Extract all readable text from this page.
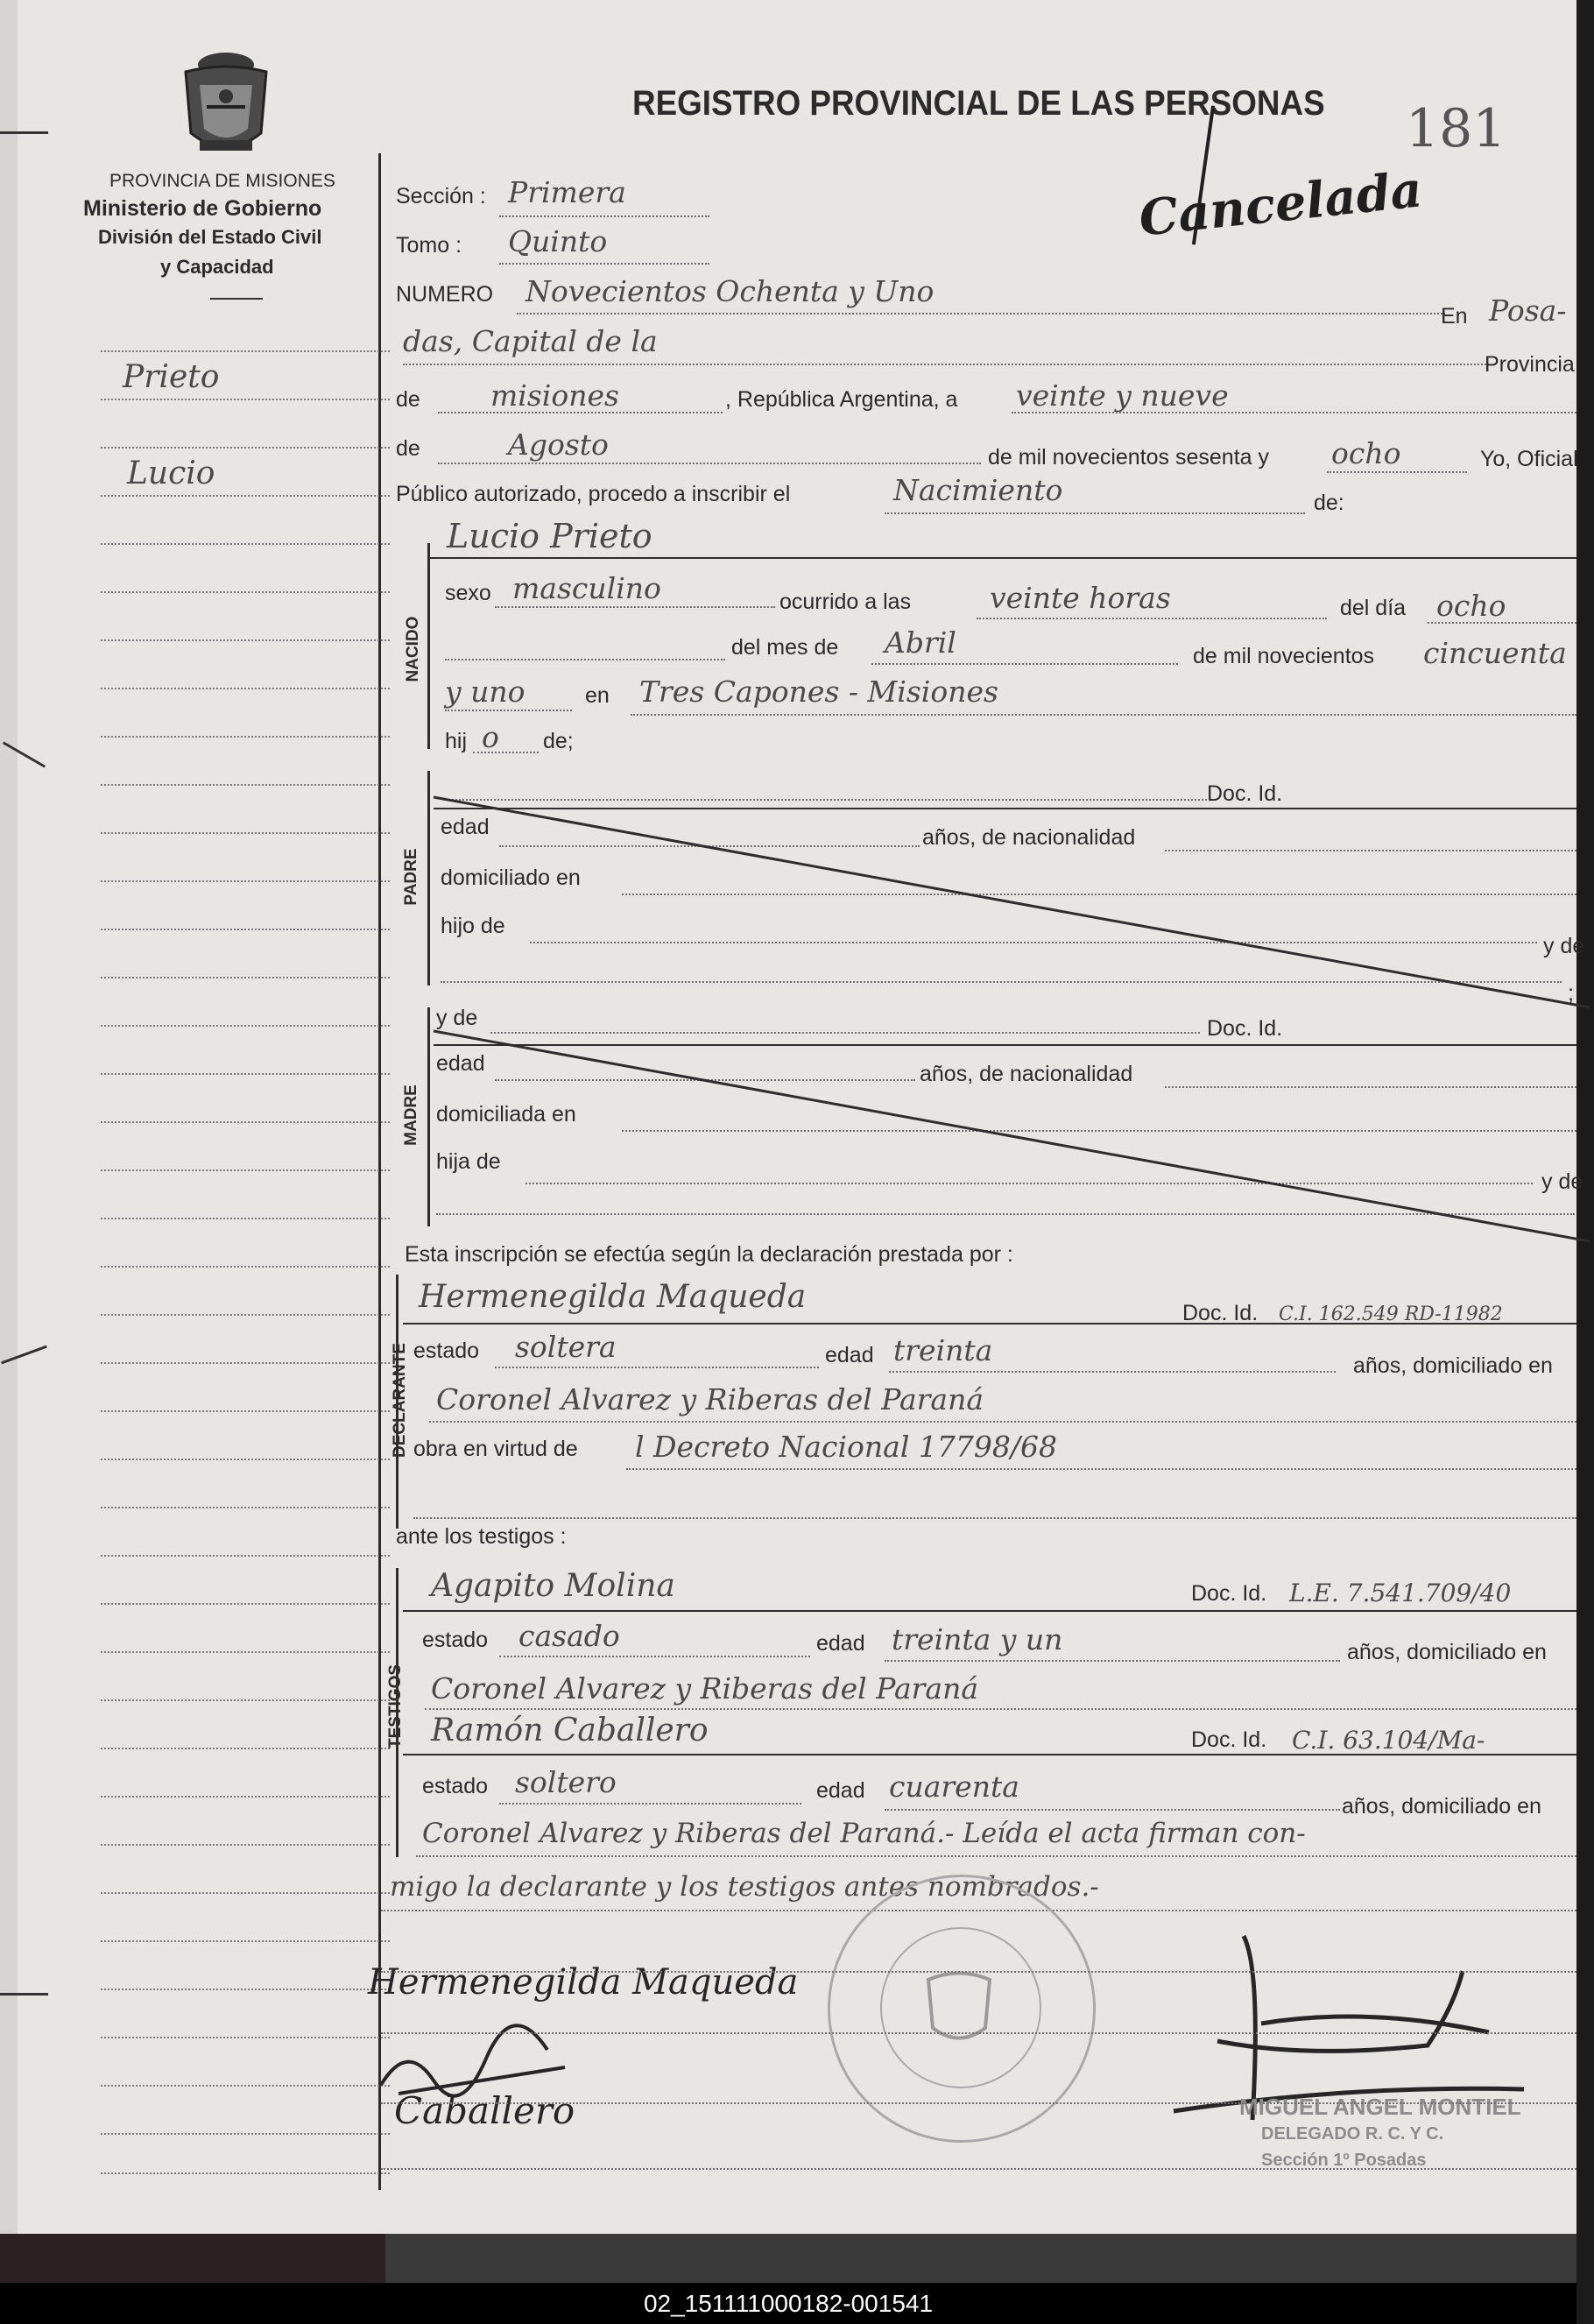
PROVINCIA DE MISIONES
Ministerio de Gobierno
División del Estado Civil
y Capacidad
REGISTRO PROVINCIAL DE LAS PERSONAS 181
Cancelada
Prieto
Lucio
Sección : Primera
Tomo : Quinto
NUMERO Novecientos Ochenta y Uno
En Posa-
das, Capital de la
Provincia
de misiones	, República Argentina, a veinte y nueve
de	Agosto	de mil novecientos sesenta y ocho	Yo, Oficial
Público autorizado, procedo a inscribir el	Nacimiento	de:
Lucio Prieto
NACIDO
sexo masculino	ocurrido a las	veinte horas	del día ocho
del mes de Abril	de mil novecientos cincuenta
y uno	en Tres Capones - Misiones
hij o de;
PADRE
Doc. Id.
edad	años, de nacionalidad
domiciliado en
hijo de
y de
;
MADRE
y de	Doc. Id.
edad	años, de nacionalidad
domiciliada en
hija de
y de
Esta inscripción se efectúa según la declaración prestada por :
DECLARANTE
Hermenegilda Maqueda	Doc. Id. C.I. 162.549 RD-11982
estado soltera	edad treinta	años, domiciliado en
Coronel Alvarez y Riberas del Paraná
obra en virtud de l Decreto Nacional 17798/68
ante los testigos :
TESTIGOS
Agapito Molina	Doc. Id. L.E. 7.541.709/40
estado casado	edad treinta y un	años, domiciliado en
Coronel Alvarez y Riberas del Paraná
Ramón Caballero	Doc. Id. C.I. 63.104/Ma-
estado soltero	edad cuarenta
años, domiciliado en
Coronel Alvarez y Riberas del Paraná.- Leída el acta firman con-
migo la declarante y los testigos antes nombrados.-
Hermenegilda Maqueda
Caballero	MIGUEL ANGEL MONTIEL
DELEGADO R. C. Y C.
Sección 1º Posadas
02_151111000182-001541
